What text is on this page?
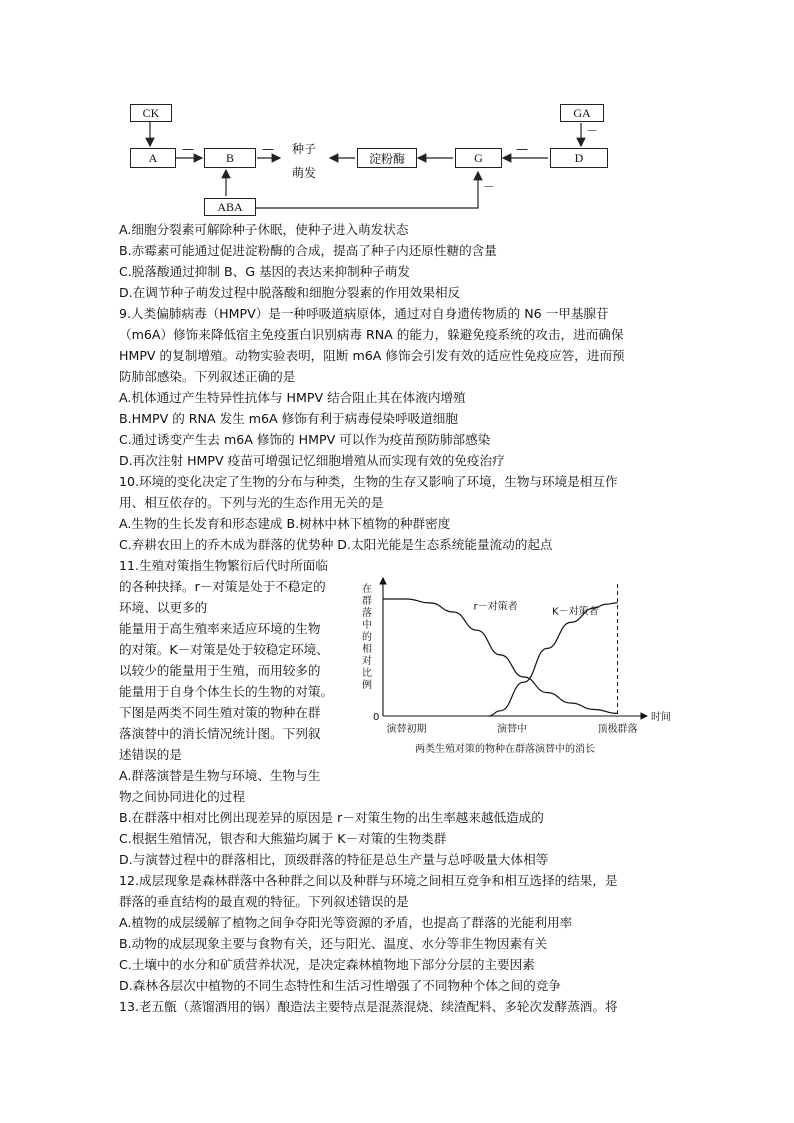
CK
A	B
ABA
淀粉酶	G	D
GA
种子
萌发
—	—	—
－
－
A.细胞分裂素可解除种子休眠，使种子进入萌发状态
B.赤霉素可能通过促进淀粉酶的合成，提高了种子内还原性糖的含量
C.脱落酸通过抑制 B、G 基因的表达来抑制种子萌发
D.在调节种子萌发过程中脱落酸和细胞分裂素的作用效果相反
9.人类偏肺病毒（HMPV）是一种呼吸道病原体，通过对自身遗传物质的 N6 一甲基腺苷
（m6A）修饰来降低宿主免疫蛋白识别病毒 RNA 的能力，躲避免疫系统的攻击，进而确保
HMPV 的复制增殖。动物实验表明，阻断 m6A 修饰会引发有效的适应性免疫应答，进而预
防肺部感染。下列叙述正确的是
A.机体通过产生特异性抗体与 HMPV 结合阻止其在体液内增殖
B.HMPV 的 RNA 发生 m6A 修饰有利于病毒侵染呼吸道细胞
C.通过诱变产生去 m6A 修饰的 HMPV 可以作为疫苗预防肺部感染
D.再次注射 HMPV 疫苗可增强记忆细胞增殖从而实现有效的免疫治疗
10.环境的变化决定了生物的分布与种类，生物的生存又影响了环境，生物与环境是相互作
用、相互依存的。下列与光的生态作用无关的是
A.生物的生长发育和形态建成 B.树林中林下植物的种群密度
C.弃耕农田上的乔木成为群落的优势种 D.太阳光能是生态系统能量流动的起点
11.生殖对策指生物繁衍后代时所面临
的各种抉择。r－对策是处于不稳定的
环境、以更多的
能量用于高生殖率来适应环境的生物
的对策。K－对策是处于较稳定环境、
以较少的能量用于生殖，而用较多的
能量用于自身个体生长的生物的对策。
下图是两类不同生殖对策的物种在群
落演替中的消长情况统计图。下列叙
述错误的是
A.群落演替是生物与环境、生物与生
物之间协同进化的过程
B.在群落中相对比例出现差异的原因是 r－对策生物的出生率越来越低造成的
C.根据生殖情况，银杏和大熊猫均属于 K－对策的生物类群
D.与演替过程中的群落相比，顶级群落的特征是总生产量与总呼吸量大体相等
12.成层现象是森林群落中各种群之间以及种群与环境之间相互竞争和相互选择的结果，是
群落的垂直结构的最直观的特征。下列叙述错误的是
A.植物的成层缓解了植物之间争夺阳光等资源的矛盾，也提高了群落的光能利用率
B.动物的成层现象主要与食物有关，还与阳光、温度、水分等非生物因素有关
C.土壤中的水分和矿质营养状况，是决定森林植物地下部分分层的主要因素
D.森林各层次中植物的不同生态特性和生活习性增强了不同物种个体之间的竞争
13.老五甑（蒸馏酒用的锅）酿造法主要特点是混蒸混烧、续渣配料、多轮次发酵蒸酒。将
0	时间
在
群
落
中
的
相
对
比
例
演替初期	演替中	顶极群落
r－对策者	K－对策者
两类生殖对策的物种在群落演替中的消长
